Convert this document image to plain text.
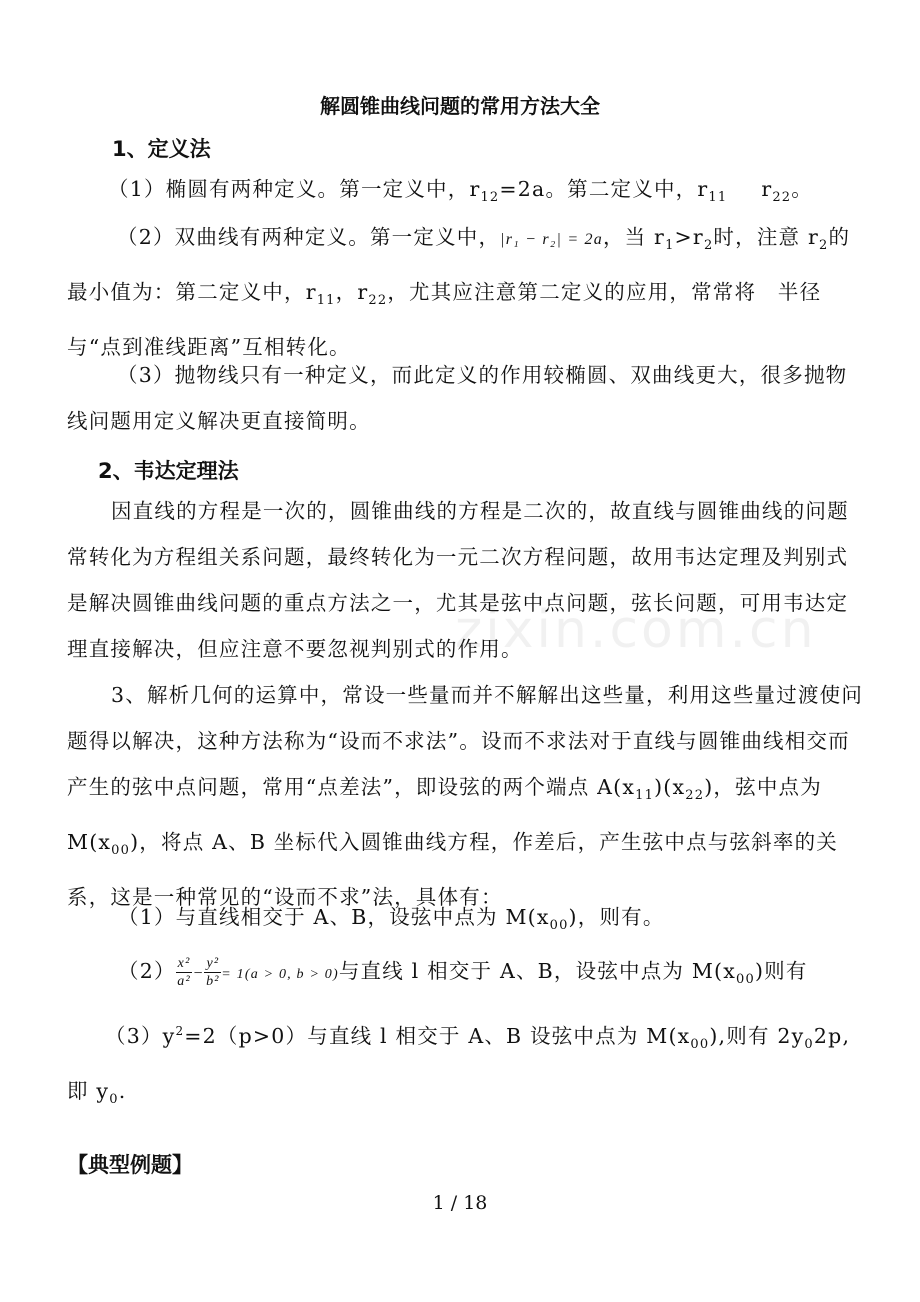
解圆锥曲线问题的常用方法大全
1、定义法
（1）椭圆有两种定义。第一定义中，$r_{12}=2a$。第二定义中，$r_{11}$ $r_{22}$。
（2）双曲线有两种定义。第一定义中，|r₁ − r₂| = 2a，当 $r_1>r_2$时，注意 $r_2$的最小值为：第二定义中，$r_{11}$，$r_{22}$，尤其应注意第二定义的应用，常常将　半径与“点到准线距离”互相转化。
（3）抛物线只有一种定义，而此定义的作用较椭圆、双曲线更大，很多抛物线问题用定义解决更直接简明。
2、韦达定理法
因直线的方程是一次的，圆锥曲线的方程是二次的，故直线与圆锥曲线的问题常转化为方程组关系问题，最终转化为一元二次方程问题，故用韦达定理及判别式是解决圆锥曲线问题的重点方法之一，尤其是弦中点问题，弦长问题，可用韦达定理直接解决，但应注意不要忽视判别式的作用。
3、解析几何的运算中，常设一些量而并不解解出这些量，利用这些量过渡使问题得以解决，这种方法称为“设而不求法”。设而不求法对于直线与圆锥曲线相交而产生的弦中点问题，常用“点差法”，即设弦的两个端点 $A(x_{11})(x_{22})$，弦中点为 $M(x_{00})$，将点 A、B 坐标代入圆锥曲线方程，作差后，产生弦中点与弦斜率的关系，这是一种常见的“设而不求”法，具体有：
（1）与直线相交于 A、B，设弦中点为 $M(x_{00})$，则有。
$(2) \frac{\text{x²}}{\text{a²}} - \frac{\text{y²}}{\text{b²}} = 1(a > 0$, b > 0)与直线 l 相交于 A、B，设弦中点为 $M(x_{00})$则有
$(3)y^2=2(p>0)$与直线 l 相交于 A、B 设弦中点为 $M(x_{00})$,则有 $2y_02p$,即 $y_0$.
【典型例题】
zixin.com.cn
1 / 18
